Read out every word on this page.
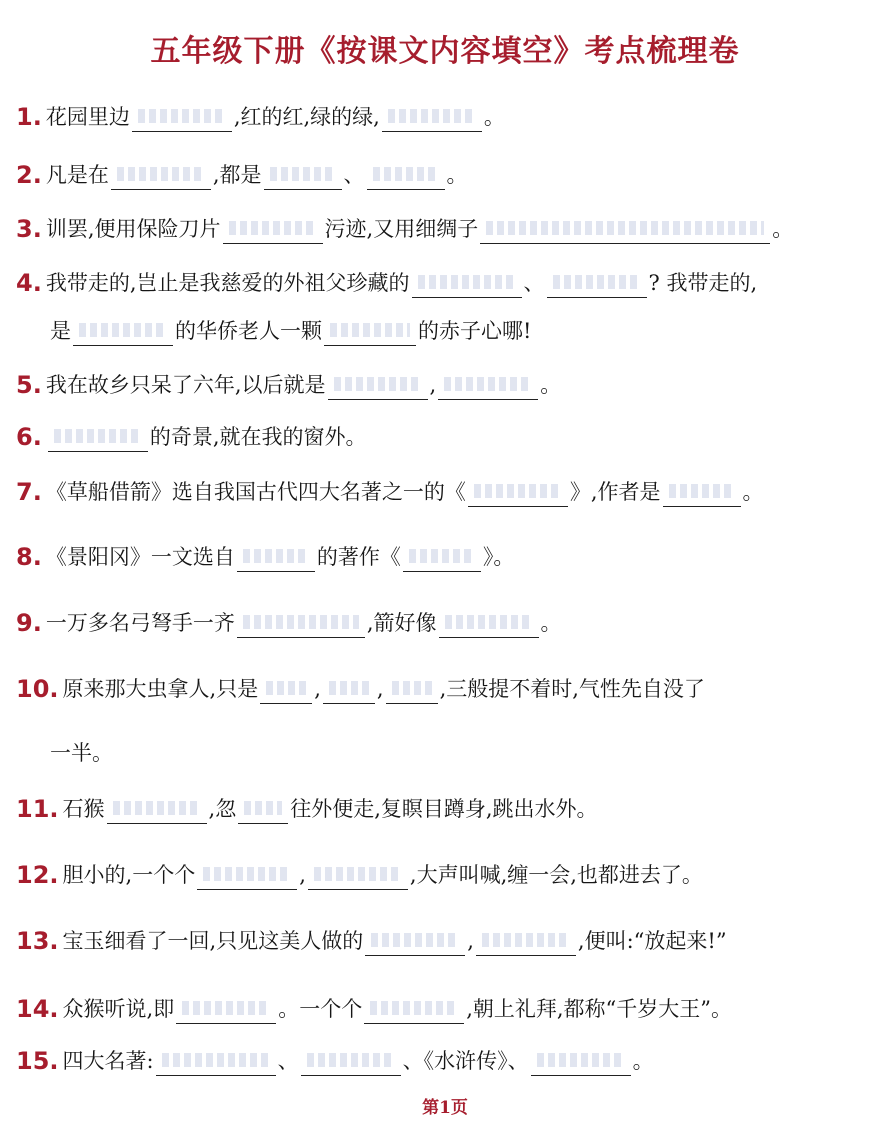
五年级下册《按课文内容填空》考点梳理卷
1. 花园里边	,红的红,绿的绿,	。
2. 凡是在	,都是	、	。
3. 训罢,便用保险刀片	污迹,又用细绸子	。
4. 我带走的,岂止是我慈爱的外祖父珍藏的	、	? 我带走的,
是	的华侨老人一颗	的赤子心哪!
5. 我在故乡只呆了六年,以后就是	,	。
6.	的奇景,就在我的窗外。
7. 《草船借箭》选自我国古代四大名著之一的《	》,作者是	。
8. 《景阳冈》一文选自	的著作《	》。
9. 一万多名弓弩手一齐	,箭好像	。
10. 原来那大虫拿人,只是	,	,	,三般提不着时,气性先自没了
一半。
11. 石猴	,忽	往外便走,复瞑目蹲身,跳出水外。
12. 胆小的,一个个	,	,大声叫喊,缠一会,也都进去了。
13. 宝玉细看了一回,只见这美人做的	,	,便叫:“放起来!”
14. 众猴听说,即	。一个个	,朝上礼拜,都称“千岁大王”。
15. 四大名著:	、	、《水浒传》、	。
第1页
